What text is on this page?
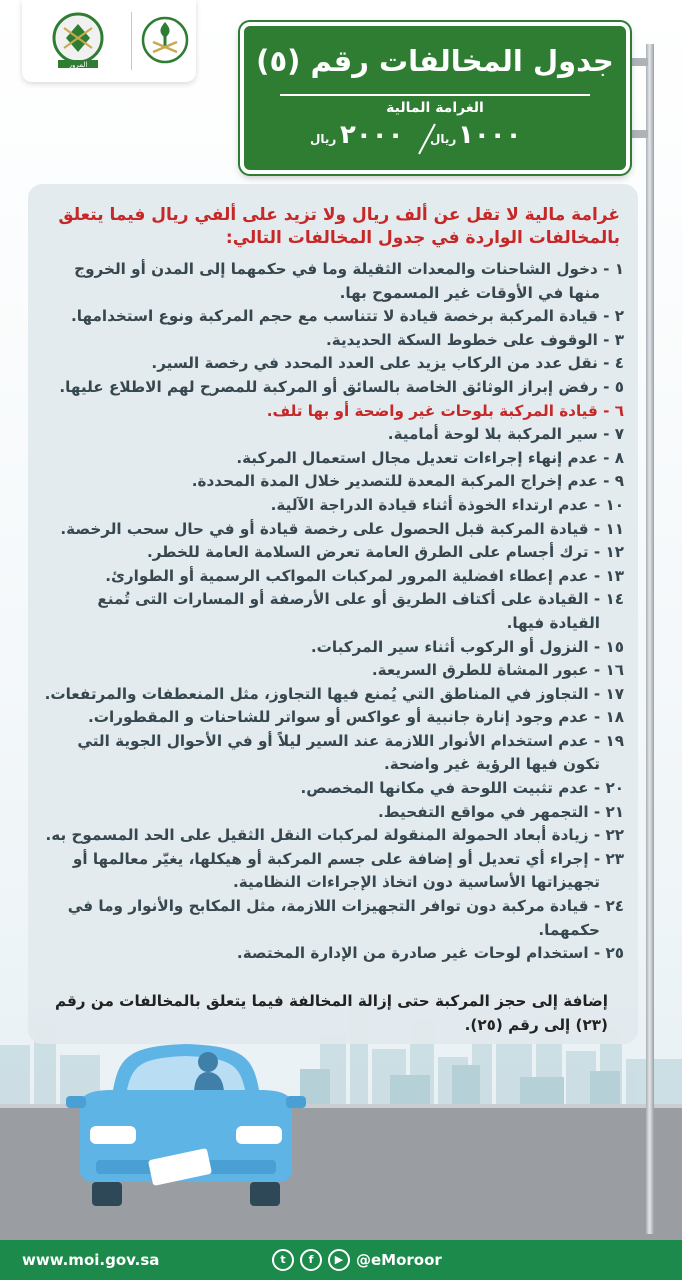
المرور	جدول المخالفات رقم (٥)
الغرامة المالية
١٠٠٠
ريال
٢٠٠٠
ريال
غرامة مالية لا تقل عن ألف ريال ولا تزيد على ألفي ريال فيما يتعلق بالمخالفات الواردة في جدول المخالفات التالي:
١ - دخول الشاحنات والمعدات الثقيلة وما في حكمهما إلى المدن أو الخروج منها في الأوقات غير المسموح بها.
٢ - قيادة المركبة برخصة قيادة لا تتناسب مع حجم المركبة ونوع استخدامها.
٣ - الوقوف على خطوط السكة الحديدية.
٤ - نقل عدد من الركاب يزيد على العدد المحدد في رخصة السير.
٥ - رفض إبراز الوثائق الخاصة بالسائق أو المركبة للمصرح لهم الاطلاع عليها.
٦ - قيادة المركبة بلوحات غير واضحة أو بها تلف.
٧ - سير المركبة بلا لوحة أمامية.
٨ - عدم إنهاء إجراءات تعديل مجال استعمال المركبة.
٩ - عدم إخراج المركبة المعدة للتصدير خلال المدة المحددة.
١٠ - عدم ارتداء الخوذة أثناء قيادة الدراجة الآلية.
١١ - قيادة المركبة قبل الحصول على رخصة قيادة أو في حال سحب الرخصة.
١٢ - ترك أجسام على الطرق العامة تعرض السلامة العامة للخطر.
١٣ - عدم إعطاء افضلية المرور لمركبات المواكب الرسمية أو الطوارئ.
١٤ - القيادة على أكتاف الطريق أو على الأرصفة أو المسارات التى تُمنع القيادة فيها.
١٥ - النزول أو الركوب أثناء سير المركبات.
١٦ - عبور المشاة للطرق السريعة.
١٧ - التجاوز في المناطق التي يُمنع فيها التجاوز، مثل المنعطفات والمرتفعات.
١٨ - عدم وجود إنارة جانبية أو عواكس أو سواتر للشاحنات و المقطورات.
١٩ - عدم استخدام الأنوار اللازمة عند السير ليلاً أو في الأحوال الجوية التي تكون فيها الرؤية غير واضحة.
٢٠ - عدم تثبيت اللوحة في مكانها المخصص.
٢١ - التجمهر في مواقع التفحيط.
٢٢ - زيادة أبعاد الحمولة المنقولة لمركبات النقل الثقيل على الحد المسموح به.
٢٣ - إجراء أي تعديل أو إضافة على جسم المركبة أو هيكلها، يغيّر معالمها أو تجهيزاتها الأساسية دون اتخاذ الإجراءات النظامية.
٢٤ - قيادة مركبة دون توافر التجهيزات اللازمة، مثل المكابح والأنوار وما في حكمهما.
٢٥ - استخدام لوحات غير صادرة من الإدارة المختصة.
إضافة إلى حجز المركبة حتى إزالة المخالفة فيما يتعلق بالمخالفات من رقم (٢٣) إلى رقم (٢٥).
www.moi.gov.sa	t	f	▶ @eMoroor
